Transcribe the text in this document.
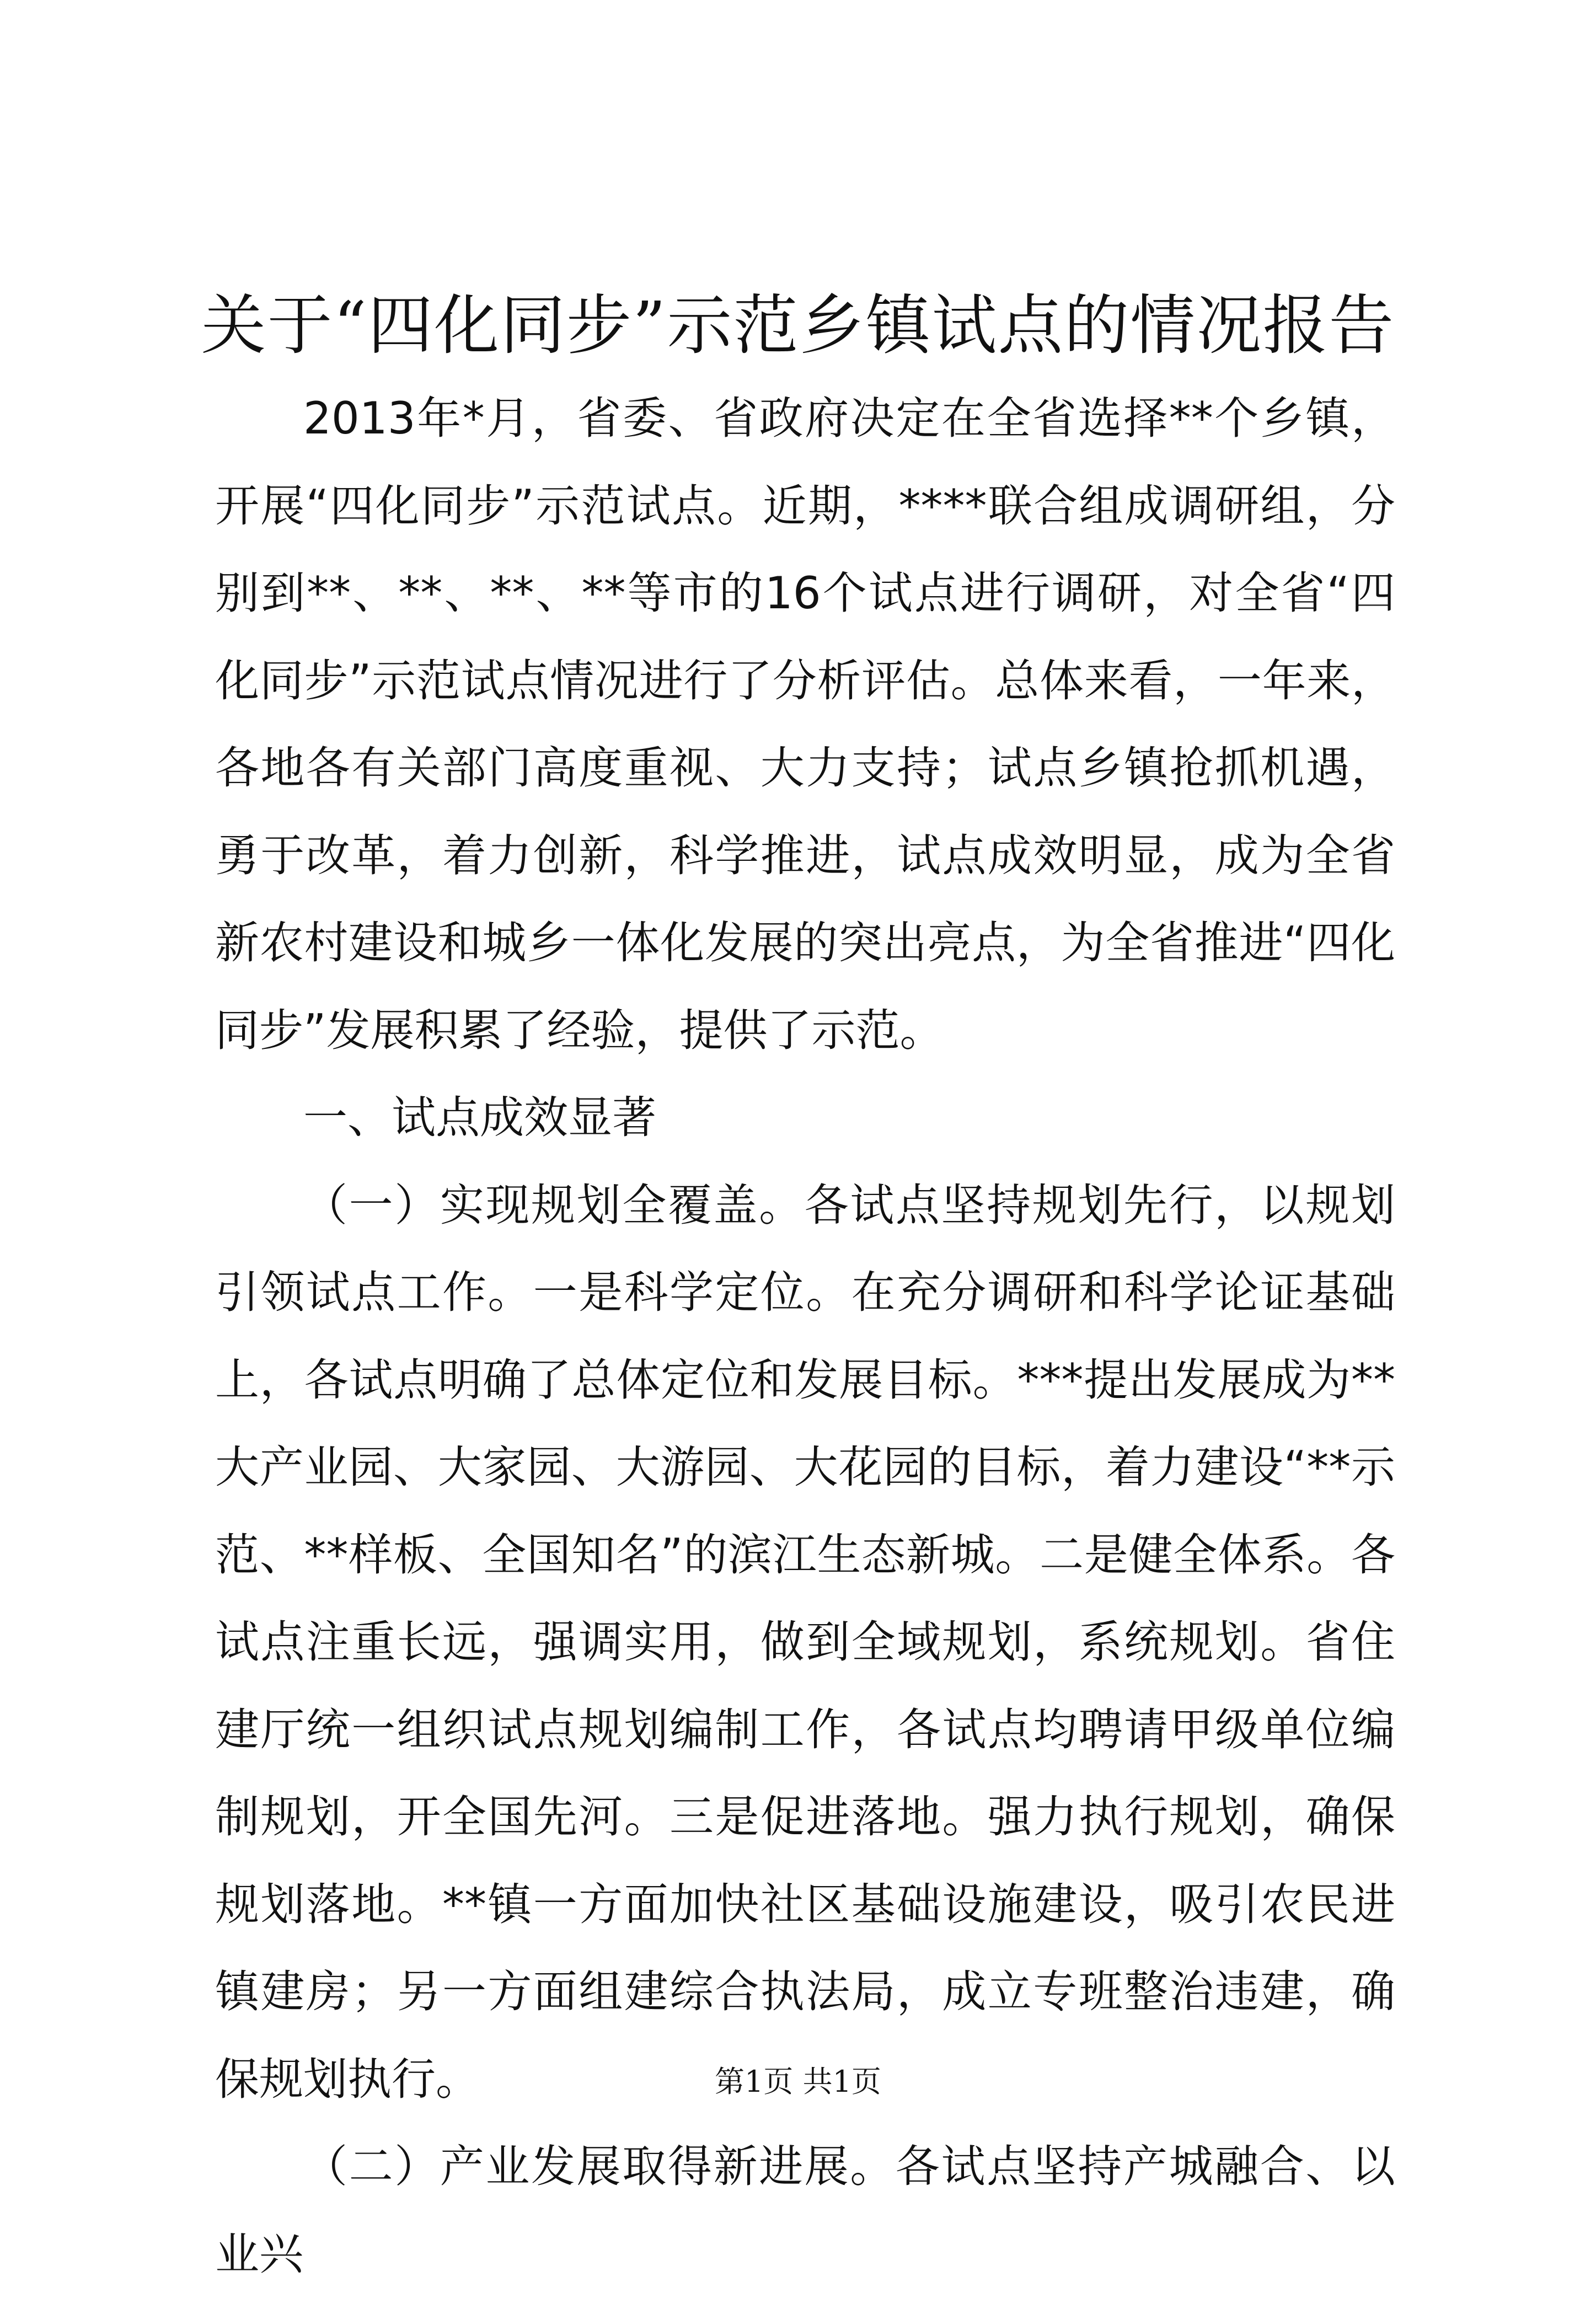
关于“四化同步”示范乡镇试点的情况报告

2013年*月，省委、省政府决定在全省选择**个乡镇，开展“四化同步”示范试点。近期，****联合组成调研组，分别到**、**、**、**等市的16个试点进行调研，对全省“四化同步”示范试点情况进行了分析评估。总体来看，一年来，各地各有关部门高度重视、大力支持；试点乡镇抢抓机遇，勇于改革，着力创新，科学推进，试点成效明显，成为全省新农村建设和城乡一体化发展的突出亮点，为全省推进“四化同步”发展积累了经验，提供了示范。

一、试点成效显著

（一）实现规划全覆盖。各试点坚持规划先行，以规划引领试点工作。一是科学定位。在充分调研和科学论证基础上，各试点明确了总体定位和发展目标。***提出发展成为**大产业园、大家园、大游园、大花园的目标，着力建设“**示范、**样板、全国知名”的滨江生态新城。二是健全体系。各试点注重长远，强调实用，做到全域规划，系统规划。省住建厅统一组织试点规划编制工作，各试点均聘请甲级单位编制规划，开全国先河。三是促进落地。强力执行规划，确保规划落地。**镇一方面加快社区基础设施建设，吸引农民进镇建房；另一方面组建综合执法局，成立专班整治违建，确保规划执行。

（二）产业发展取得新进展。各试点坚持产城融合、以业兴

第1页 共1页
